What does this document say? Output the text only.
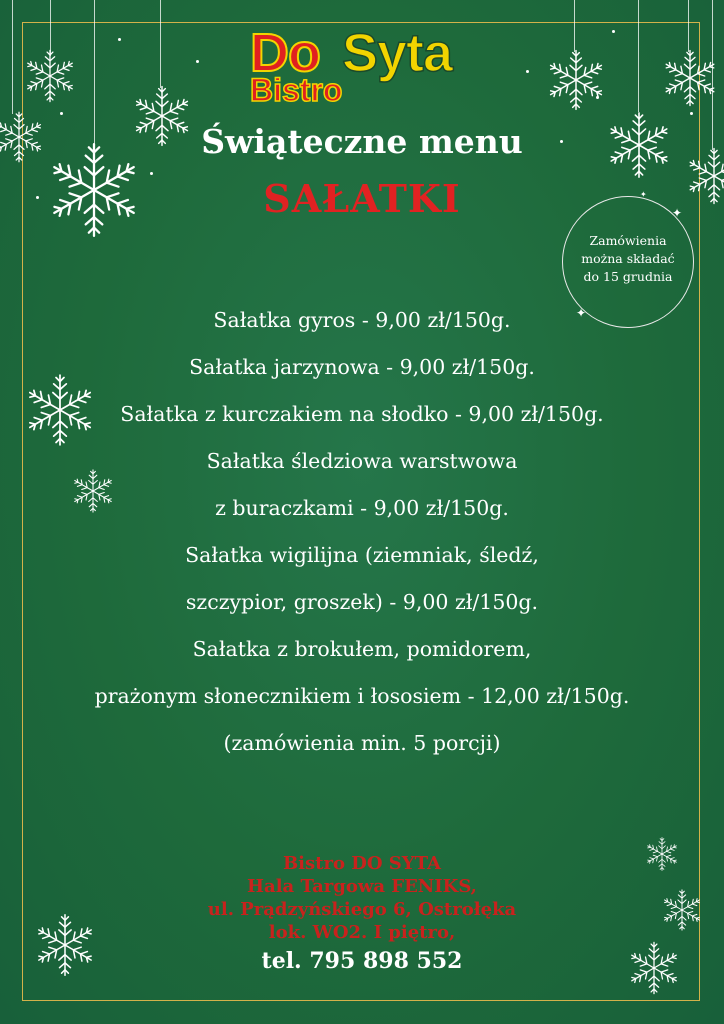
Do Syta
Bistro
Świąteczne menu
SAŁATKI
Zamówienia
można składać
do 15 grudnia
✦
✦
✦
Sałatka gyros - 9,00 zł/150g.
Sałatka jarzynowa - 9,00 zł/150g.
Sałatka z kurczakiem na słodko - 9,00 zł/150g.
Sałatka śledziowa warstwowa
z buraczkami - 9,00 zł/150g.
Sałatka wigilijna (ziemniak, śledź,
szczypior, groszek) - 9,00 zł/150g.
Sałatka z brokułem, pomidorem,
prażonym słonecznikiem i łososiem - 12,00 zł/150g.
(zamówienia min. 5 porcji)
Bistro DO SYTA
Hala Targowa FENIKS,
ul. Prądzyńskiego 6, Ostrołęka
lok. WO2. I piętro,
tel. 795 898 552
